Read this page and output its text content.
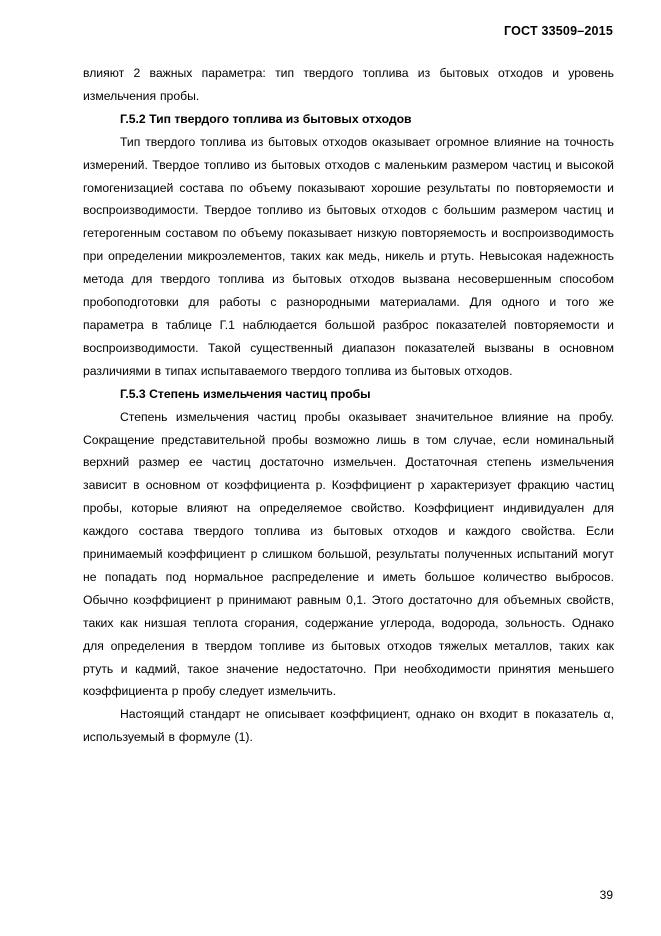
ГОСТ 33509–2015

влияют 2 важных параметра: тип твердого топлива из бытовых отходов и уровень измельчения пробы.

Г.5.2 Тип твердого топлива из бытовых отходов

Тип твердого топлива из бытовых отходов оказывает огромное влияние на точность измерений. Твердое топливо из бытовых отходов с маленьким размером частиц и высокой гомогенизацией состава по объему показывают хорошие результаты по повторяемости и воспроизводимости. Твердое топливо из бытовых отходов с большим размером частиц и гетерогенным составом по объему показывает низкую повторяемость и воспроизводимость при определении микроэлементов, таких как медь, никель и ртуть. Невысокая надежность метода для твердого топлива из бытовых отходов вызвана несовершенным способом пробоподготовки для работы с разнородными материалами. Для одного и того же параметра в таблице Г.1 наблюдается большой разброс показателей повторяемости и воспроизводимости. Такой существенный диапазон показателей вызваны в основном различиями в типах испытаваемого твердого топлива из бытовых отходов.

Г.5.3 Степень измельчения частиц пробы

Степень измельчения частиц пробы оказывает значительное влияние на пробу. Сокращение представительной пробы возможно лишь в том случае, если номинальный верхний размер ее частиц достаточно измельчен. Достаточная степень измельчения зависит в основном от коэффициента р. Коэффициент р характеризует фракцию частиц пробы, которые влияют на определяемое свойство. Коэффициент индивидуален для каждого состава твердого топлива из бытовых отходов и каждого свойства. Если принимаемый коэффициент р слишком большой, результаты полученных испытаний могут не попадать под нормальное распределение и иметь большое количество выбросов. Обычно коэффициент р принимают равным 0,1. Этого достаточно для объемных свойств, таких как низшая теплота сгорания, содержание углерода, водорода, зольность. Однако для определения в твердом топливе из бытовых отходов тяжелых металлов, таких как ртуть и кадмий, такое значение недостаточно. При необходимости принятия меньшего коэффициента р пробу следует измельчить.

Настоящий стандарт не описывает коэффициент, однако он входит в показатель α, используемый в формуле (1).

39
